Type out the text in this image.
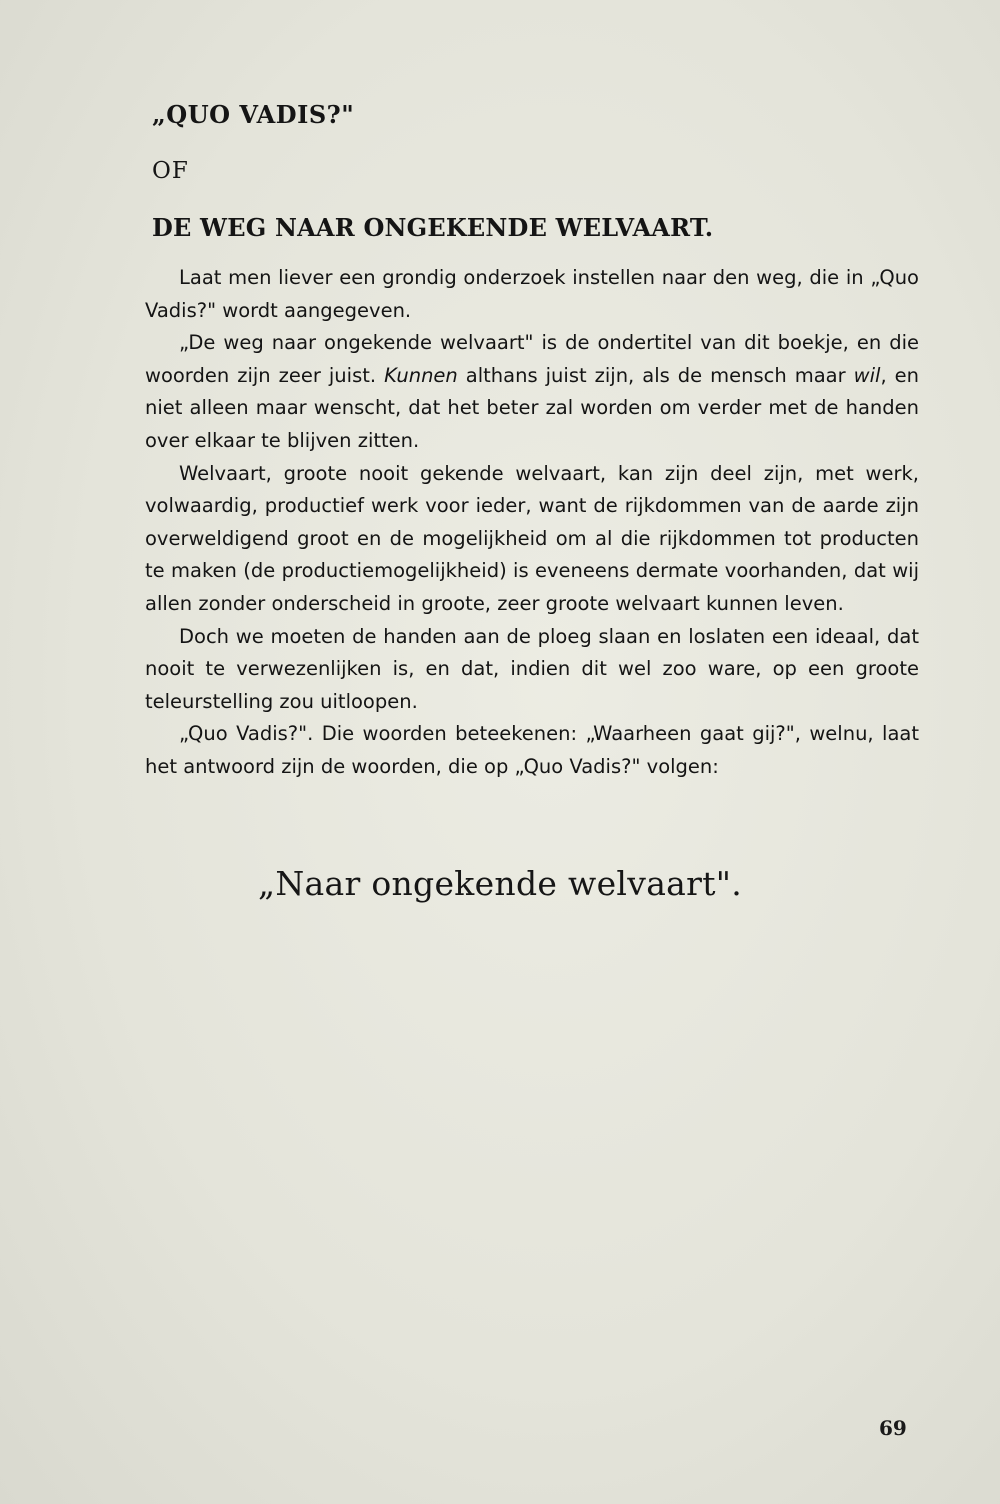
„QUO VADIS?"
OF
DE WEG NAAR ONGEKENDE WELVAART.

Laat men liever een grondig onderzoek instellen naar den weg, die in „Quo Vadis?" wordt aangegeven.

„De weg naar ongekende welvaart" is de ondertitel van dit boekje, en die woorden zijn zeer juist. Kunnen althans juist zijn, als de mensch maar wil, en niet alleen maar wenscht, dat het beter zal worden om verder met de handen over elkaar te blijven zitten.

Welvaart, groote nooit gekende welvaart, kan zijn deel zijn, met werk, volwaardig, productief werk voor ieder, want de rijkdommen van de aarde zijn overweldigend groot en de mogelijkheid om al die rijkdommen tot producten te maken (de productiemogelijkheid) is eveneens dermate voorhanden, dat wij allen zonder onderscheid in groote, zeer groote welvaart kunnen leven.

Doch we moeten de handen aan de ploeg slaan en loslaten een ideaal, dat nooit te verwezenlijken is, en dat, indien dit wel zoo ware, op een groote teleurstelling zou uitloopen.

„Quo Vadis?". Die woorden beteekenen: „Waarheen gaat gij?", welnu, laat het antwoord zijn de woorden, die op „Quo Vadis?" volgen:

„Naar ongekende welvaart".
69
